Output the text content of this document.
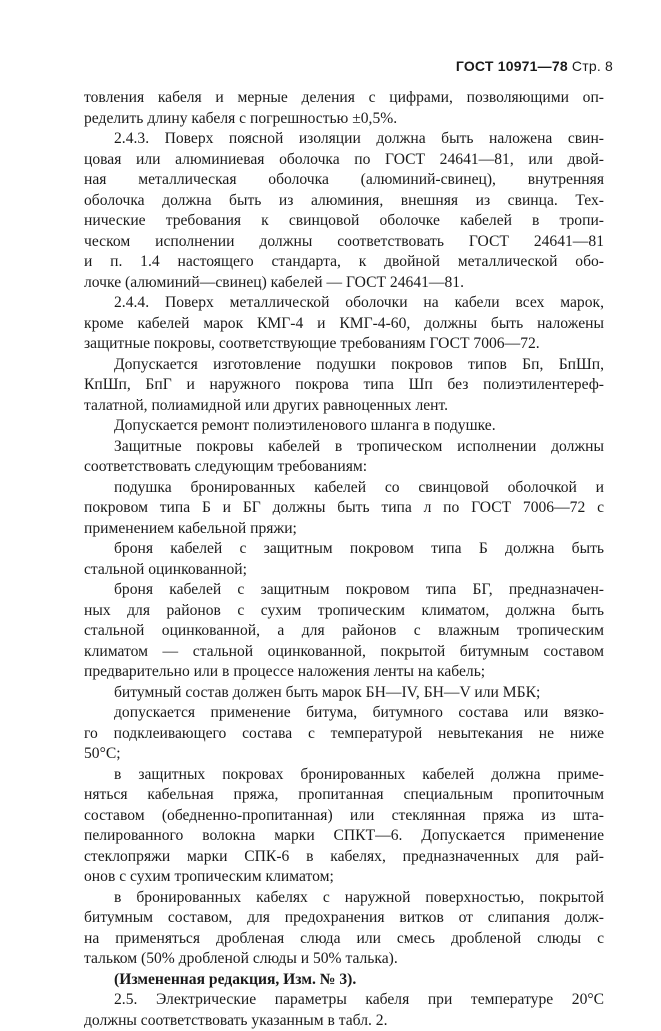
ГОСТ 10971—78 Стр. 8
товления кабеля и мерные деления с цифрами, позволяющими оп-
ределить длину кабеля с погрешностью ±0,5%.
2.4.3. Поверх поясной изоляции должна быть наложена свин-
цовая или алюминиевая оболочка по ГОСТ 24641—81, или двой-
ная металлическая оболочка (алюминий-свинец), внутренняя
оболочка должна быть из алюминия, внешняя из свинца. Тех-
нические требования к свинцовой оболочке кабелей в тропи-
ческом исполнении должны соответствовать ГОСТ 24641—81
и п. 1.4 настоящего стандарта, к двойной металлической обо-
лочке (алюминий—свинец) кабелей — ГОСТ 24641—81.
2.4.4. Поверх металлической оболочки на кабели всех марок,
кроме кабелей марок КМГ-4 и КМГ-4-60, должны быть наложены
защитные покровы, соответствующие требованиям ГОСТ 7006—72.
Допускается изготовление подушки покровов типов Бп, БпШп,
КпШп, БпГ и наружного покрова типа Шп без полиэтилентереф-
талатной, полиамидной или других равноценных лент.
Допускается ремонт полиэтиленового шланга в подушке.
Защитные покровы кабелей в тропическом исполнении должны
соответствовать следующим требованиям:
подушка бронированных кабелей со свинцовой оболочкой и
покровом типа Б и БГ должны быть типа л по ГОСТ 7006—72 с
применением кабельной пряжи;
броня кабелей с защитным покровом типа Б должна быть
стальной оцинкованной;
броня кабелей с защитным покровом типа БГ, предназначен-
ных для районов с сухим тропическим климатом, должна быть
стальной оцинкованной, а для районов с влажным тропическим
климатом — стальной оцинкованной, покрытой битумным составом
предварительно или в процессе наложения ленты на кабель;
битумный состав должен быть марок БН—IV, БН—V или МБК;
допускается применение битума, битумного состава или вязко-
го подклеивающего состава с температурой невытекания не ниже
50°С;
в защитных покровах бронированных кабелей должна приме-
няться кабельная пряжа, пропитанная специальным пропиточным
составом (обедненно-пропитанная) или стеклянная пряжа из шта-
пелированного волокна марки СПКТ—6. Допускается применение
стеклопряжи марки СПК-6 в кабелях, предназначенных для рай-
онов с сухим тропическим климатом;
в бронированных кабелях с наружной поверхностью, покрытой
битумным составом, для предохранения витков от слипания долж-
на применяться дробленая слюда или смесь дробленой слюды с
тальком (50% дробленой слюды и 50% талька).
(Измененная редакция, Изм. № 3).
2.5. Электрические параметры кабеля при температуре 20°С
должны соответствовать указанным в табл. 2.
